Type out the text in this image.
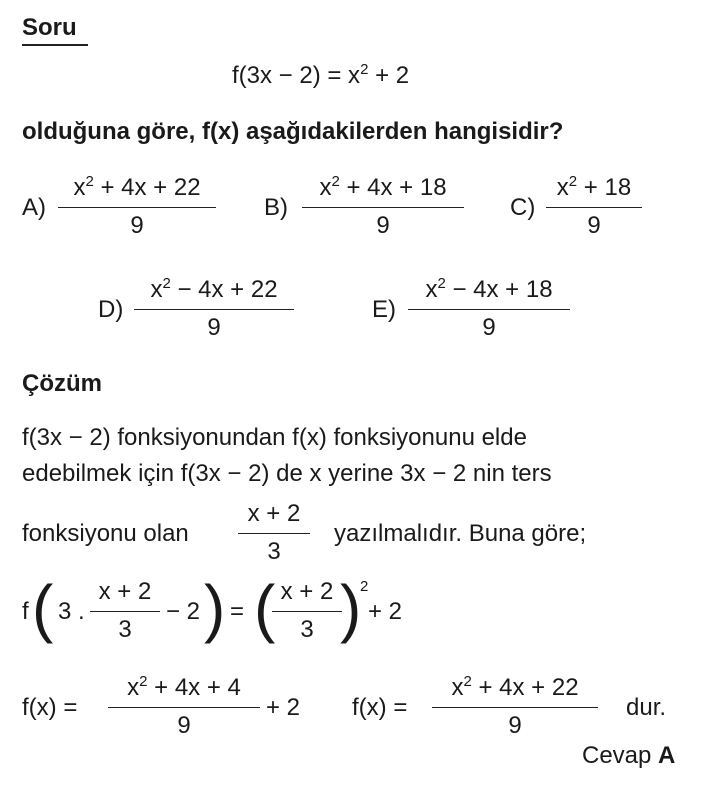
Soru
$f(3x - 2) = x^2 + 2$
olduğuna göre, f(x) aşağıdakilerden hangisidir?
A)
$x^2 + 4x + 22$
9
B)
$x^2 + 4x + 18$
9
C)
$x^2 + 18$
9
D)
$x^2 - 4x + 22$
9
E)
$x^2 - 4x + 18$
9
Çözüm
f(3x − 2) fonksiyonundan f(x) fonksiyonunu elde
edebilmek için f(3x − 2) de x yerine 3x − 2 nin ters
fonksiyonu olan
x + 2
3
yazılmalıdır. Buna göre;
f ( 3 .
x + 2
3
− 2 ) = ( x + 2
3 )
2
+ 2
f(x) =
$x^2 + 4x + 4$
9
+ 2 f(x) =
$x^2 + 4x + 22$
9
dur.
Cevap A
